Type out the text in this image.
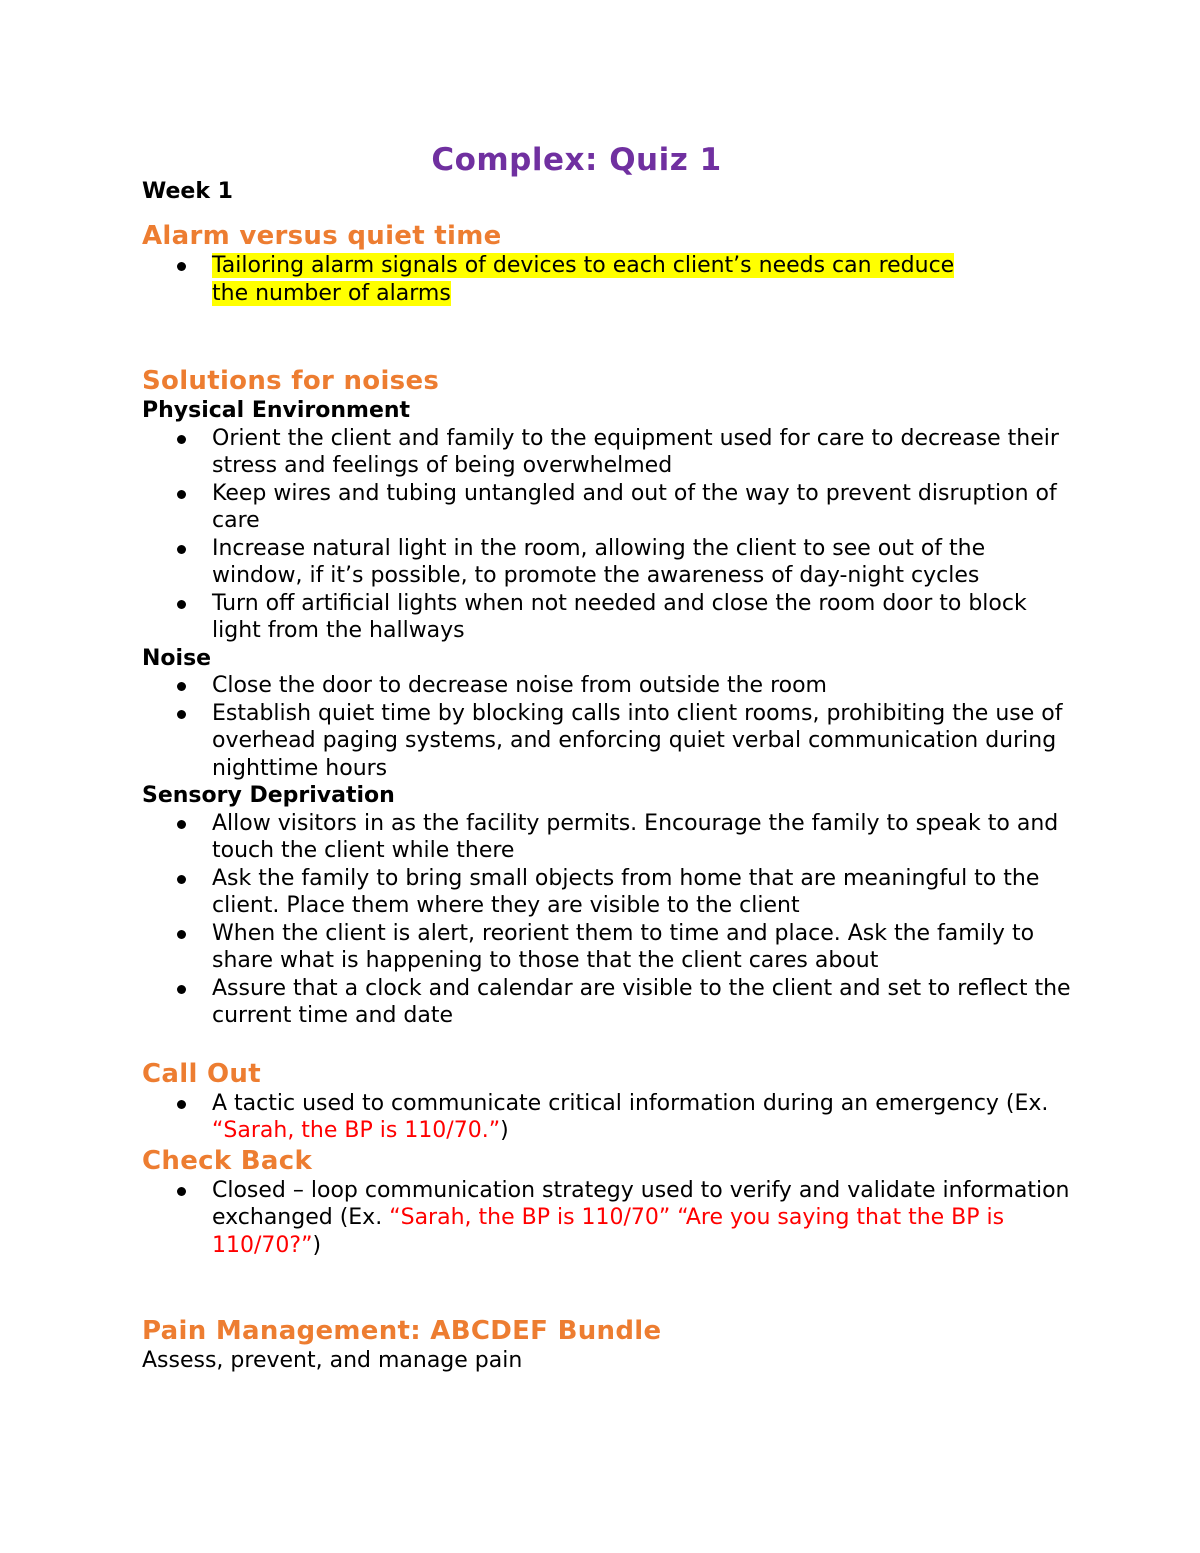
Complex: Quiz 1
Week 1
Alarm versus quiet time
Tailoring alarm signals of devices to each client’s needs can reduce
the number of alarms
Solutions for noises
Physical Environment
Orient the client and family to the equipment used for care to decrease their stress and feelings of being overwhelmed
Keep wires and tubing untangled and out of the way to prevent disruption of care
Increase natural light in the room, allowing the client to see out of the window, if it’s possible, to promote the awareness of day-night cycles
Turn off artificial lights when not needed and close the room door to block light from the hallways
Noise
Close the door to decrease noise from outside the room
Establish quiet time by blocking calls into client rooms, prohibiting the use of overhead paging systems, and enforcing quiet verbal communication during nighttime hours
Sensory Deprivation
Allow visitors in as the facility permits. Encourage the family to speak to and touch the client while there
Ask the family to bring small objects from home that are meaningful to the client. Place them where they are visible to the client
When the client is alert, reorient them to time and place. Ask the family to share what is happening to those that the client cares about
Assure that a clock and calendar are visible to the client and set to reflect the current time and date
Call Out
A tactic used to communicate critical information during an emergency (Ex. “Sarah, the BP is 110/70.”)
Check Back
Closed – loop communication strategy used to verify and validate information exchanged (Ex. “Sarah, the BP is 110/70” “Are you saying that the BP is 110/70?”)
Pain Management: ABCDEF Bundle
Assess, prevent, and manage pain
